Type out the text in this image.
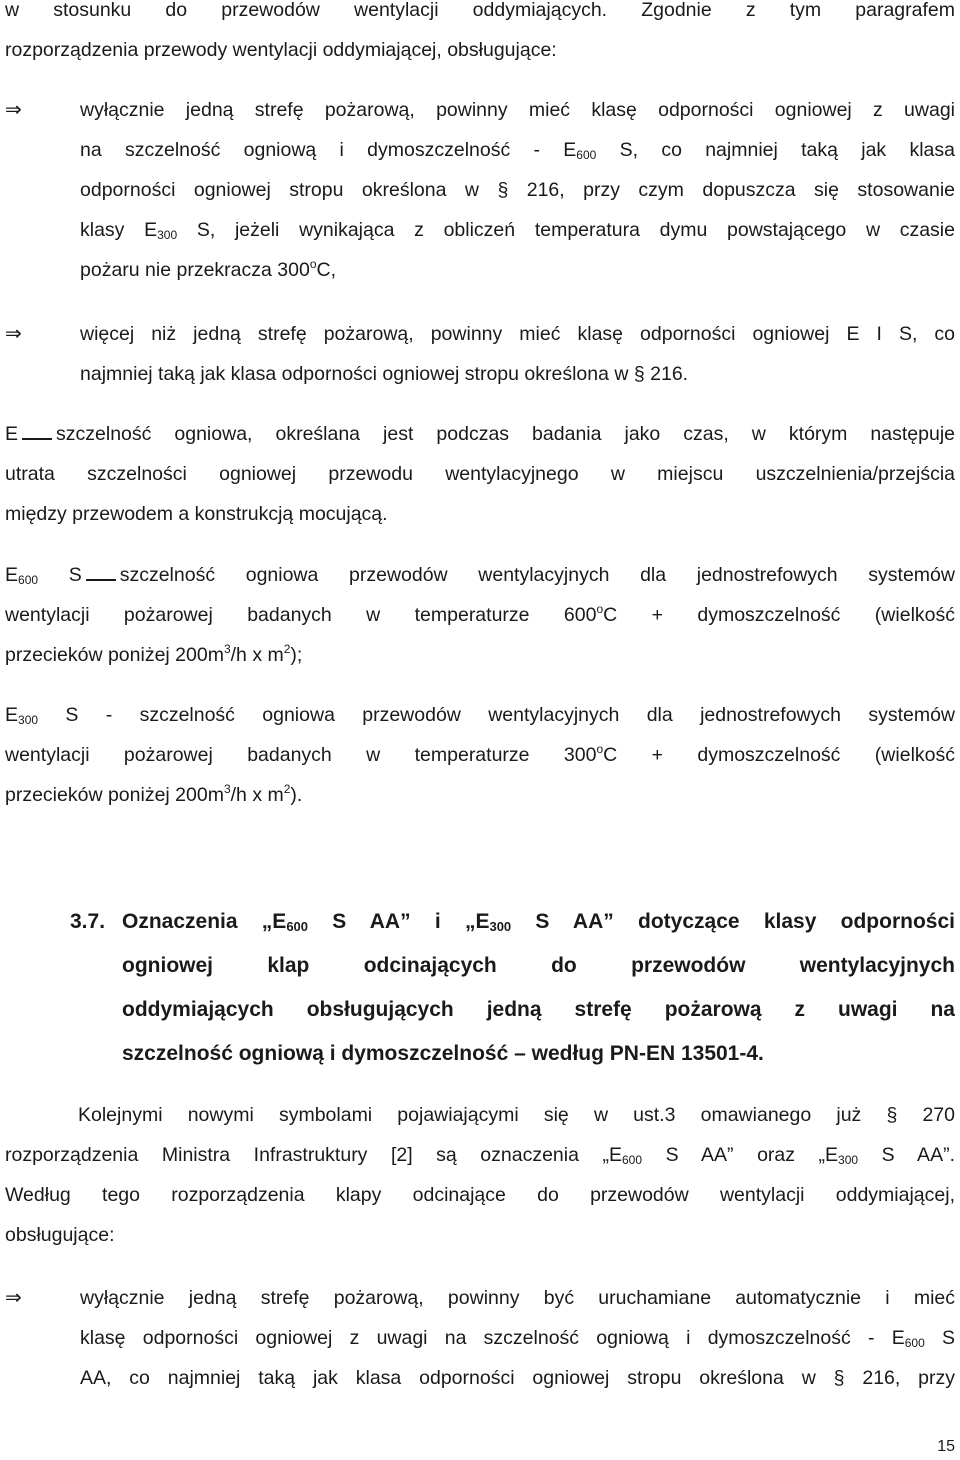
w stosunku do przewodów wentylacji oddymiających. Zgodnie z tym paragrafem
rozporządzenia przewody wentylacji oddymiającej, obsługujące:
⇒	wyłącznie jedną strefę pożarową, powinny mieć klasę odporności ogniowej z uwagi
na szczelność ogniową i dymoszczelność - $E_{600}$ S, co najmniej taką jak klasa
odporności ogniowej stropu określona w § 216, przy czym dopuszcza się stosowanie
klasy $E_{300}$ S, jeżeli wynikająca z obliczeń temperatura dymu powstającego w czasie
pożaru nie przekracza 300$^o$C,
⇒	więcej niż jedną strefę pożarową, powinny mieć klasę odporności ogniowej E I S, co
najmniej taką jak klasa odporności ogniowej stropu określona w § 216.
E szczelność ogniowa, określana jest podczas badania jako czas, w którym następuje
utrata szczelności ogniowej przewodu wentylacyjnego w miejscu uszczelnienia/przejścia
między przewodem a konstrukcją mocującą.
$E_{600}$ S szczelność ogniowa przewodów wentylacyjnych dla jednostrefowych systemów
wentylacji pożarowej badanych w temperaturze $600^oC$ + dymoszczelność (wielkość
przecieków poniżej $200m^3/h$ x $m^2$);
$E_{300}$ S - szczelność ogniowa przewodów wentylacyjnych dla jednostrefowych systemów
wentylacji pożarowej badanych w temperaturze $300^oC$ + dymoszczelność (wielkość
przecieków poniżej $200m^3/h$ x $m^2$).
3.7. Oznaczenia $„E_{600}$ S AA” i $„E_{300}$ S AA” dotyczące klasy odporności
ogniowej klap odcinających do przewodów wentylacyjnych
oddymiających obsługujących jedną strefę pożarową z uwagi na
szczelność ogniową i dymoszczelność – według PN-EN 13501-4.
Kolejnymi nowymi symbolami pojawiającymi się w ust.3 omawianego już § 270
rozporządzenia Ministra Infrastruktury [2] są oznaczenia $„E_{600}$ S AA” oraz $„E_{300}$ S AA”.
Według tego rozporządzenia klapy odcinające do przewodów wentylacji oddymiającej,
obsługujące:
⇒	wyłącznie jedną strefę pożarową, powinny być uruchamiane automatycznie i mieć
klasę odporności ogniowej z uwagi na szczelność ogniową i dymoszczelność - $E_{600}$ S
AA, co najmniej taką jak klasa odporności ogniowej stropu określona w § 216, przy
15
